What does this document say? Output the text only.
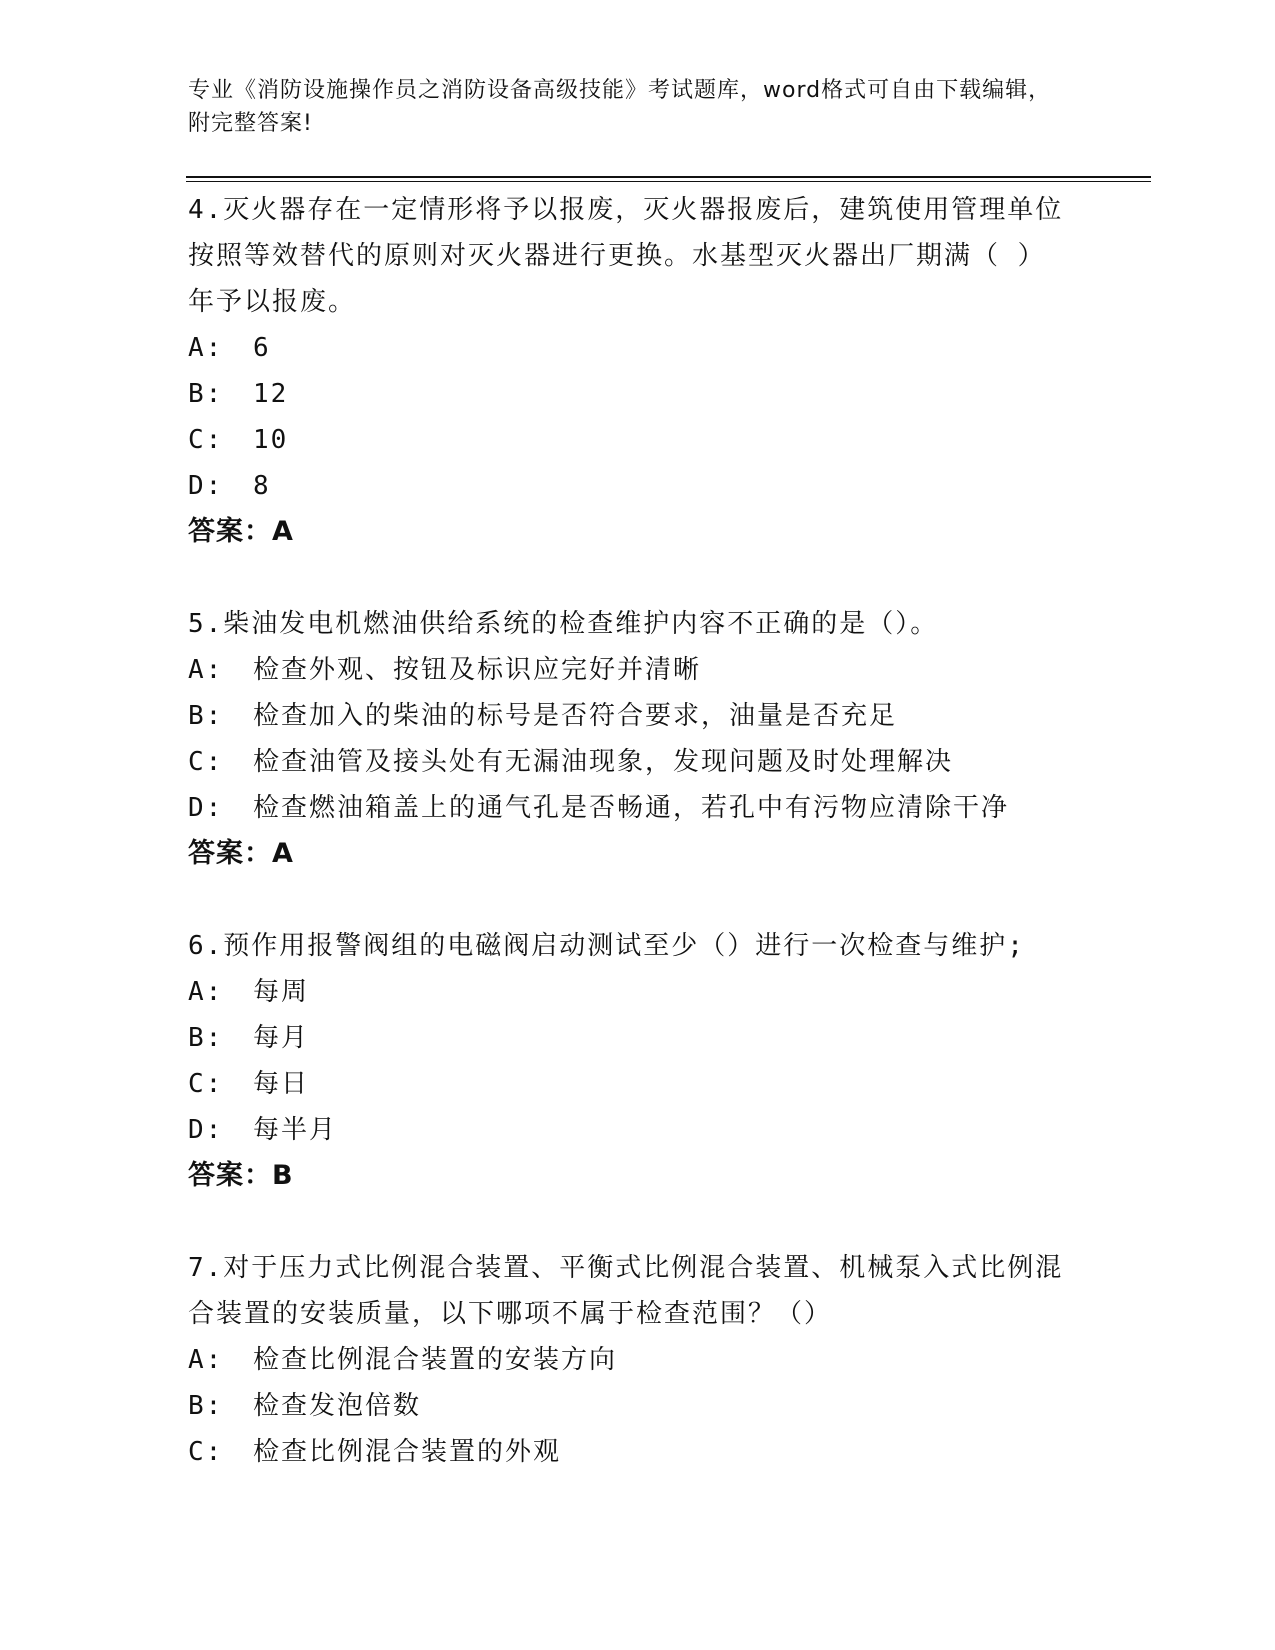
专业《消防设施操作员之消防设备高级技能》考试题库，word格式可自由下载编辑，附完整答案!

4.灭火器存在一定情形将予以报废，灭火器报废后，建筑使用管理单位按照等效替代的原则对灭火器进行更换。水基型灭火器出厂期满（ ）年予以报废。

A: 6
B: 12
C: 10
D: 8
答案：A

5.柴油发电机燃油供给系统的检查维护内容不正确的是（）。

A: 检查外观、按钮及标识应完好并清晰
B: 检查加入的柴油的标号是否符合要求，油量是否充足
C: 检查油管及接头处有无漏油现象，发现问题及时处理解决
D: 检查燃油箱盖上的通气孔是否畅通，若孔中有污物应清除干净
答案：A

6.预作用报警阀组的电磁阀启动测试至少（）进行一次检查与维护;

A: 每周
B: 每月
C: 每日
D: 每半月
答案：B

7.对于压力式比例混合装置、平衡式比例混合装置、机械泵入式比例混合装置的安装质量，以下哪项不属于检查范围？（）

A: 检查比例混合装置的安装方向
B: 检查发泡倍数
C: 检查比例混合装置的外观
